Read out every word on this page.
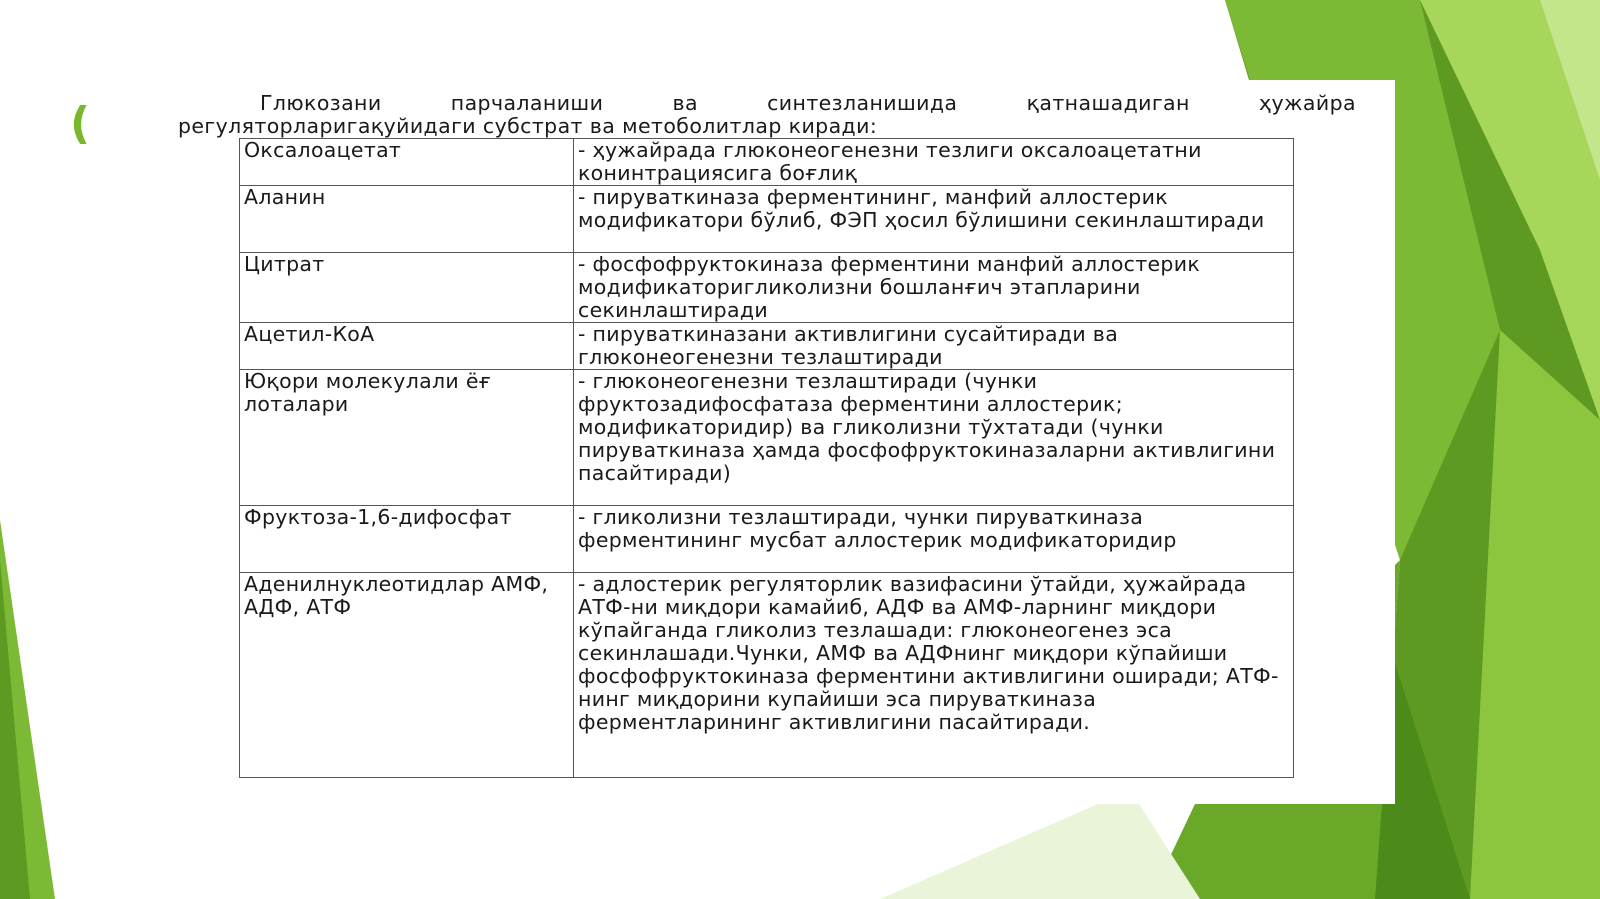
(	Глюкозани парчаланиши ва синтезланишида қатнашадиган ҳужайра
регуляторларигақуйидаги субстрат ва метоболитлар киради:
Оксалоацетат	- ҳужайрада глюконеогенезни тезлиги оксалоацетатни конинтрациясига боғлиқ
Аланин	- пируваткиназа ферментининг, манфий аллостерик модификатори бўлиб, ФЭП ҳосил бўлишини секинлаштиради
Цитрат	- фосфофруктокиназа ферментини манфий аллостерик модификаторигликолизни бошланғич этапларини секинлаштиради
Ацетил-КоА	- пируваткиназани активлигини сусайтиради ва глюконеогенезни тезлаштиради
Юқори молекулали ёғ лоталари	- глюконеогенезни тезлаштиради (чунки фруктозадифосфатаза ферментини аллостерик; модификаторидир) ва гликолизни тўхтатади (чунки пируваткиназа ҳамда фосфофруктокиназаларни активлигини пасайтиради)
Фруктоза-1,6-дифосфат	- гликолизни тезлаштиради, чунки пируваткиназа ферментининг мусбат аллостерик модификаторидир
Аденилнуклеотидлар АМФ, АДФ, АТФ	- адлостерик регуляторлик вазифасини ўтайди, ҳужайрада АТФ-ни миқдори камайиб, АДФ ва АМФ-ларнинг миқдори кўпайганда гликолиз тезлашади: глюконеогенез эса секинлашади.Чунки, АМФ ва АДФнинг миқдори кўпайиши фосфофруктокиназа ферментини активлигини оширади; АТФ-нинг миқдорини купайиши эса пируваткиназа ферментларининг активлигини пасайтиради.
